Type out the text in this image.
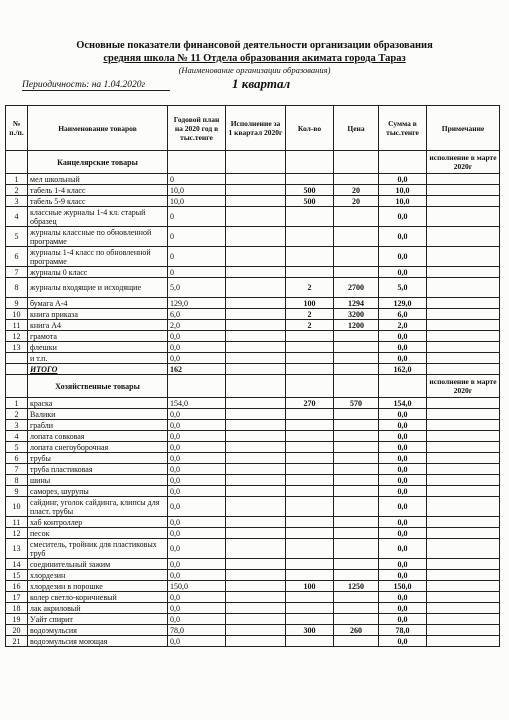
Основные показатели финансовой деятельности организации образования
средняя школа № 11 Отдела образования акимата города Тараз
(Наименование организации образования)
Периодичность: на 1.04.2020г	1 квартал
№ п./п.	Наименование товаров	Годовой план на 2020 год в тыс.тенге	Исполнение за 1 квартал 2020г	Кол-во	Цена	Сумма в тыс.тенге	Примечание
	Канцелярские товары						исполнение в марте 2020г
1	мел школьный	0				0,0	
2	табель 1-4 класс	10,0		500	20	10,0	
3	табель 5-9 класс	10,0		500	20	10,0	
4	классные журналы 1-4 кл. старый образец	0				0,0	
5	журналы классные по обновленной программе	0				0,0	
6	журналы 1-4 класс по обновленной программе	0				0,0	
7	журналы 0 класс	0				0,0	
8	журналы входящие и исходящие	5,0		2	2700	5,0	
9	бумага А-4	129,0		100	1294	129,0	
10	книга приказа	6,0		2	3200	6,0	
11	книга А4	2,0		2	1200	2,0	
12	грамота	0,0				0,0	
13	флешки	0,0				0,0	
	и т.п.	0,0				0,0	
	ИТОГО	162				162,0	
	Хозяйственные товары						исполнение в марте 2020г
1	краска	154,0		270	570	154,0	
2	Валики	0,0				0,0	
3	грабли	0,0				0,0	
4	лопата совковая	0,0				0,0	
5	лопата снегоуборочная	0,0				0,0	
6	трубы	0,0				0,0	
7	труба пластиковая	0,0				0,0	
8	шины	0,0				0,0	
9	саморез, шурупы	0,0				0,0	
10	сайдинг, уголок сайдинга, клипсы для пласт. трубы	0,0				0,0	
11	хаб контроллер	0,0				0,0	
12	песок	0,0				0,0	
13	смеситель, тройник для пластиковых труб	0,0				0,0	
14	соединительный зажим	0,0				0,0	
15	хлордезин	0,0				0,0	
16	хлордезин в порошке	150,0		100	1250	150,0	
17	колер светло-коричневый	0,0				0,0	
18	лак акриловый	0,0				0,0	
19	Уайт спирит	0,0				0,0	
20	водоэмульсия	78,0		300	260	78,0	
21	водоэмульсия моющая	0,0				0,0	
